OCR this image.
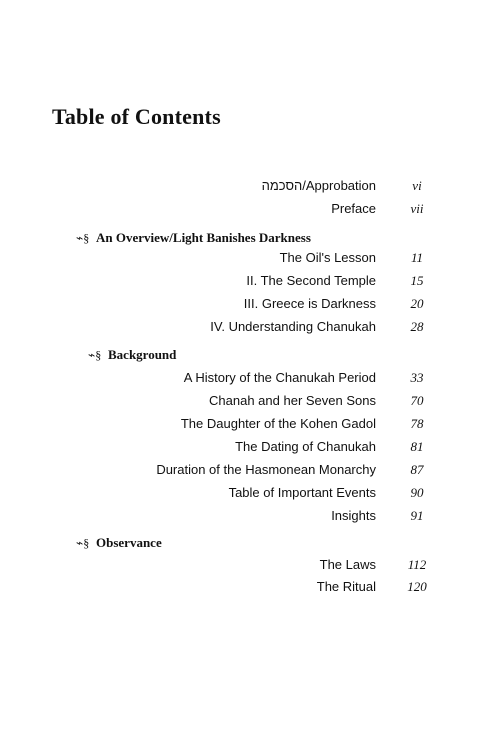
Table of Contents
הסכמה/Approbation	vi
Preface	vii
⌁§ An Overview/Light Banishes Darkness
The Oil's Lesson	11
II. The Second Temple	15
III. Greece is Darkness	20
IV. Understanding Chanukah	28
⌁§ Background
A History of the Chanukah Period	33
Chanah and her Seven Sons	70
The Daughter of the Kohen Gadol	78
The Dating of Chanukah	81
Duration of the Hasmonean Monarchy	87
Table of Important Events	90
Insights	91
⌁§ Observance
The Laws	112
The Ritual	120
